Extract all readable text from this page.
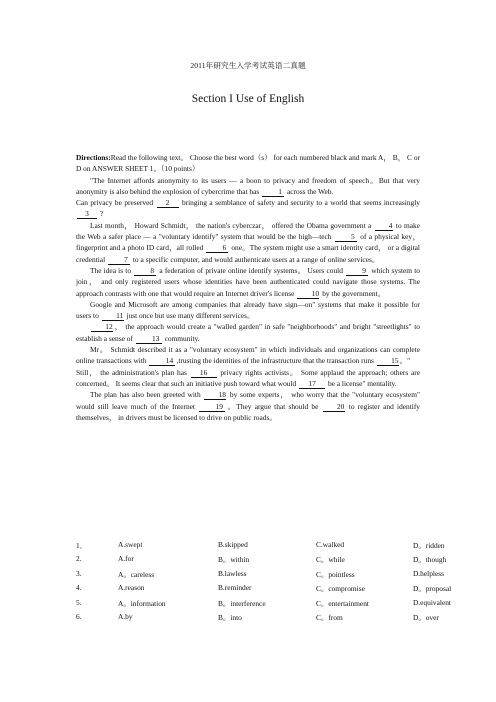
2011年研究生入学考试英语二真题
Section I Use of English

Directions:Read the following text。 Choose the best word（s） for each numbered black and mark A， B， C or D on ANSWER SHEET 1。（10 points）

"The Internet affords anonymity to its users — a boon to privacy and freedom of speech。But that very anonymity is also behind the explosion of cybercrime that has	1 across the Web.

Can privacy be preserved 2 bringing a semblance of safety and security to a world that seems increasingly 3 ?

Last month， Howard Schmidt， the nation's cyberczar， offered the Obama government a 4 to make the Web a safer place — a "voluntary identify" system that would be the high—tech	5 of a physical key， fingerprint and a photo ID card，all rolled	6 one。The system might use a smart identity card， or a digital credential	7 to a specific computer, and would authenticate users at a range of online services。

The idea is to	8 a federation of private online identify systems。 Users could	9 which system to join， and only registered users whose identities have been authenticated could navigate those systems. The approach contrasts with one that would require an Internet driver's license 10 by the government。

Google and Microsoft are among companies that already have sign—on" systems that make it possible for users to 11 just once but use many different services。

12， the approach would create a "walled garden" in safe "neighborhoods" and bright "streetlights" to establish a sense of	13 community.

Mr。 Schmidt described it as a "voluntary ecosystem" in which individuals and organizations can complete online transactions with	14 ,trusting the identities of the infrastructure that the transaction runs 15。"

Still， the administration's plan has 16 privacy rights activists。 Some applaud the approach; others are concerned。 It seems clear that such an initiative push toward what would 17 be a license" mentality.

The plan has also been greeted with 18 by some experts， who worry that the "voluntary ecosystem" would still leave much of the Internet	19 。They argue that should be	20 to register and identify themselves， in drivers must be licensed to drive on public roads。

1．	A.swept	B.skipped	C.walked	D。ridden
2.	A.for	B。within	C。while	D。though
3.	A。careless	B.lawless	C。pointless	D.helpless
4.	A.reason	B.reminder	C。compromise	D。proposal
5.	A。information	B。interference	C。entertainment	D.equivalent
6.	A.by	B。into	C。from	D。over
